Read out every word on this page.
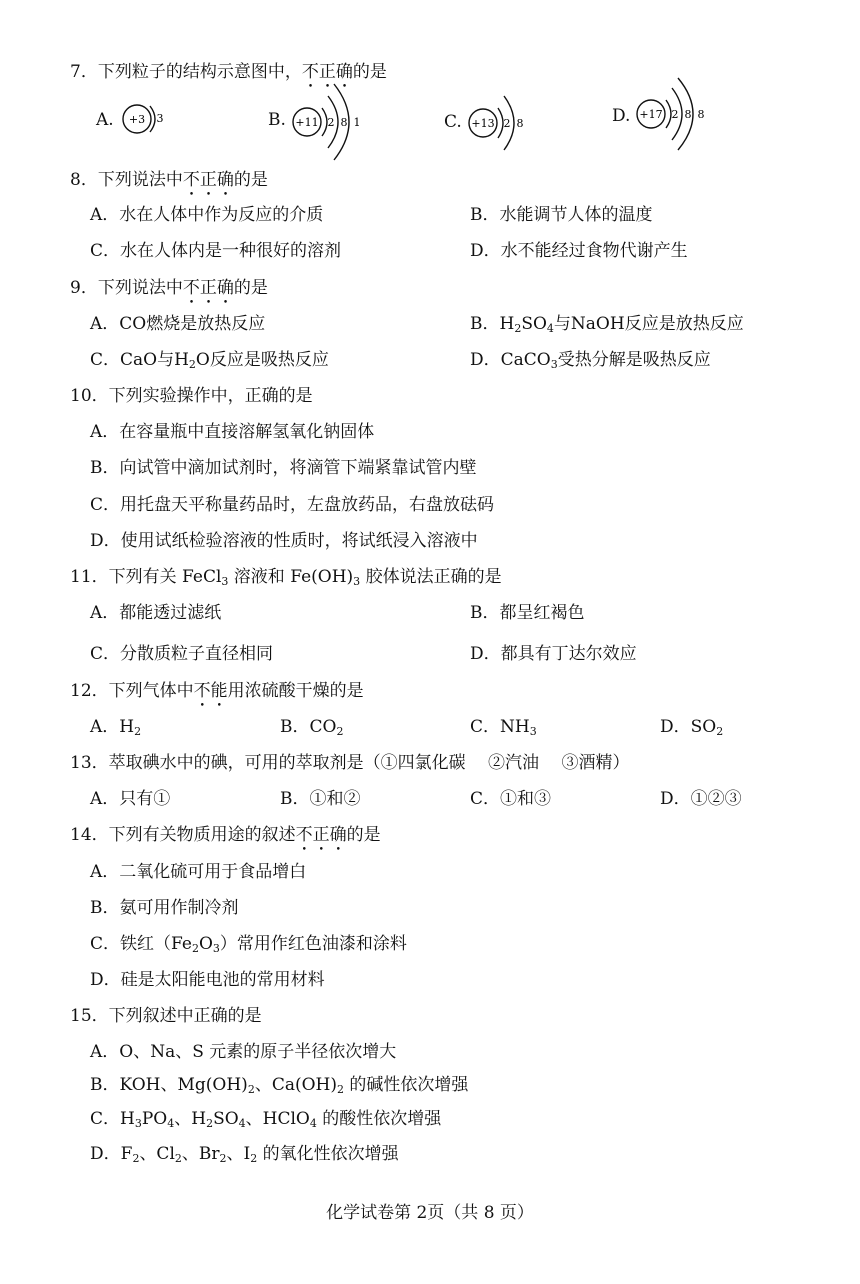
7．下列粒子的结构示意图中，不正确的是
A. +3 3	B. +11 2 8 1	C. +13 2 8	D. +17 2 8 8
8．下列说法中不正确的是
A．水在人体中作为反应的介质	B．水能调节人体的温度
C．水在人体内是一种很好的溶剂	D．水不能经过食物代谢产生
9．下列说法中不正确的是
A．CO燃烧是放热反应	B．$H_2SO_4$与NaOH反应是放热反应
C．CaO与$H_2O$反应是吸热反应	D．CaCO$_3$受热分解是吸热反应
10．下列实验操作中，正确的是
A．在容量瓶中直接溶解氢氧化钠固体
B．向试管中滴加试剂时，将滴管下端紧靠试管内壁
C．用托盘天平称量药品时，左盘放药品，右盘放砝码
D．使用试纸检验溶液的性质时，将试纸浸入溶液中
11．下列有关 FeCl$_3$ 溶液和 $Fe(OH)_3$ 胶体说法正确的是
A．都能透过滤纸	B．都呈红褐色
C．分散质粒子直径相同	D．都具有丁达尔效应
12．下列气体中不能用浓硫酸干燥的是
A．$H_2$	B．$CO_2$	C．$NH_3$	D．$SO_2$
13．萃取碘水中的碘，可用的萃取剂是（①四氯化碳　 ②汽油　 ③酒精）
A．只有①	B．①和②	C．①和③	D．①②③
14．下列有关物质用途的叙述不正确的是
A．二氧化硫可用于食品增白
B．氨可用作制冷剂
C．铁红$(Fe_2O_3)$常用作红色油漆和涂料
D．硅是太阳能电池的常用材料
15．下列叙述中正确的是
A．O、Na、S 元素的原子半径依次增大
B．KOH、$Mg(OH)_2$、$Ca(OH)_2$ 的碱性依次增强
C．$H_3PO_4$、$H_2SO_4$、HClO$_4$ 的酸性依次增强
D．$F_2$、$Cl_2$、$Br_2$、$I_2$ 的氧化性依次增强
化学试卷第 2页（共 8 页）
